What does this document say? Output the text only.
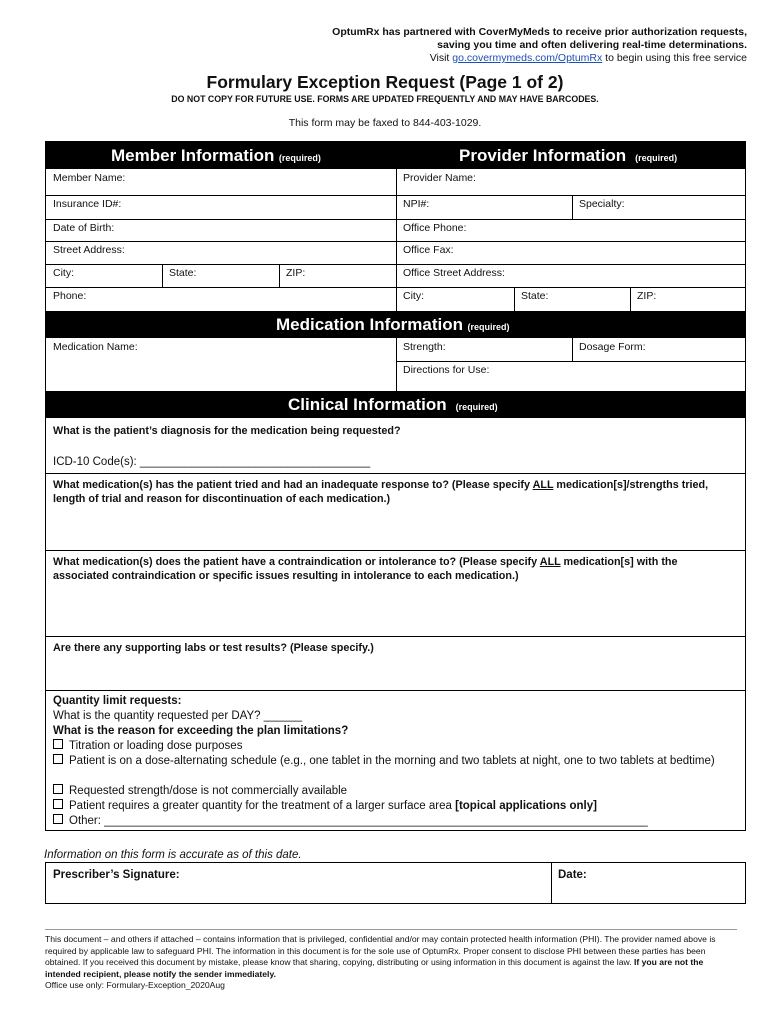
OptumRx has partnered with CoverMyMeds to receive prior authorization requests,
saving you time and often delivering real-time determinations.
Visit go.covermymeds.com/OptumRx to begin using this free service
Formulary Exception Request (Page 1 of 2)
DO NOT COPY FOR FUTURE USE. FORMS ARE UPDATED FREQUENTLY AND MAY HAVE BARCODES.
This form may be faxed to 844-403-1029.
Member Information (required)	Provider Information (required)
Member Name:
Insurance ID#:
Date of Birth:
Street Address:
City:	State:	ZIP:
Phone:
Provider Name:
NPI#:	Specialty:
Office Phone:
Office Fax:
Office Street Address:
City:	State:	ZIP:
Medication Information (required)
Medication Name:	Strength:	Dosage Form:
Directions for Use:
Clinical Information (required)
What is the patient’s diagnosis for the medication being requested?
ICD-10 Code(s): ____________________________________
What medication(s) has the patient tried and had an inadequate response to? (Please specify ALL medication[s]/strengths tried, length of trial and reason for discontinuation of each medication.)
What medication(s) does the patient have a contraindication or intolerance to? (Please specify ALL medication[s] with the associated contraindication or specific issues resulting in intolerance to each medication.)
Are there any supporting labs or test results? (Please specify.)
Quantity limit requests:
What is the quantity requested per DAY? ______
What is the reason for exceeding the plan limitations?
Titration or loading dose purposes
Patient is on a dose-alternating schedule (e.g., one tablet in the morning and two tablets at night, one to two tablets at bedtime)
Requested strength/dose is not commercially available
Patient requires a greater quantity for the treatment of a larger surface area [topical applications only]
Other: _____________________________________________________________________________________
Information on this form is accurate as of this date.
Prescriber’s Signature:	Date:
This document – and others if attached – contains information that is privileged, confidential and/or may contain protected health information (PHI). The provider named above is required by applicable law to safeguard PHI. The information in this document is for the sole use of OptumRx. Proper consent to disclose PHI between these parties has been obtained. If you received this document by mistake, please know that sharing, copying, distributing or using information in this document is against the law. If you are not the intended recipient, please notify the sender immediately.
Office use only: Formulary-Exception_2020Aug
